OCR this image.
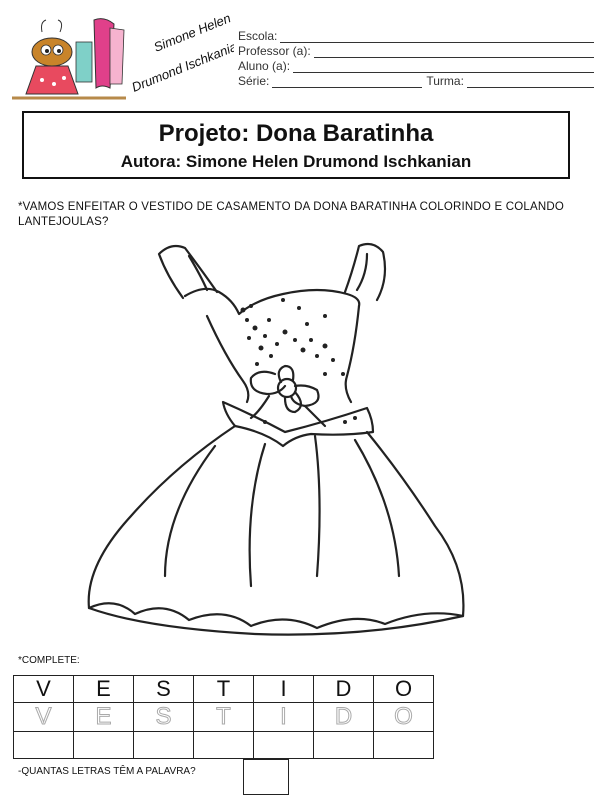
Simone Helen
Drumond Ischkanian
Escola:
Professor (a):
Aluno (a):
Série:	Turma:
Projeto: Dona Baratinha
Autora: Simone Helen Drumond Ischkanian
*VAMOS ENFEITAR O VESTIDO DE CASAMENTO DA DONA BARATINHA COLORINDO E COLANDO LANTEJOULAS?
*COMPLETE:
V	E	S	T	I	D	O
V	E	S	T	I	D	O

-QUANTAS LETRAS TÊM A PALAVRA?
